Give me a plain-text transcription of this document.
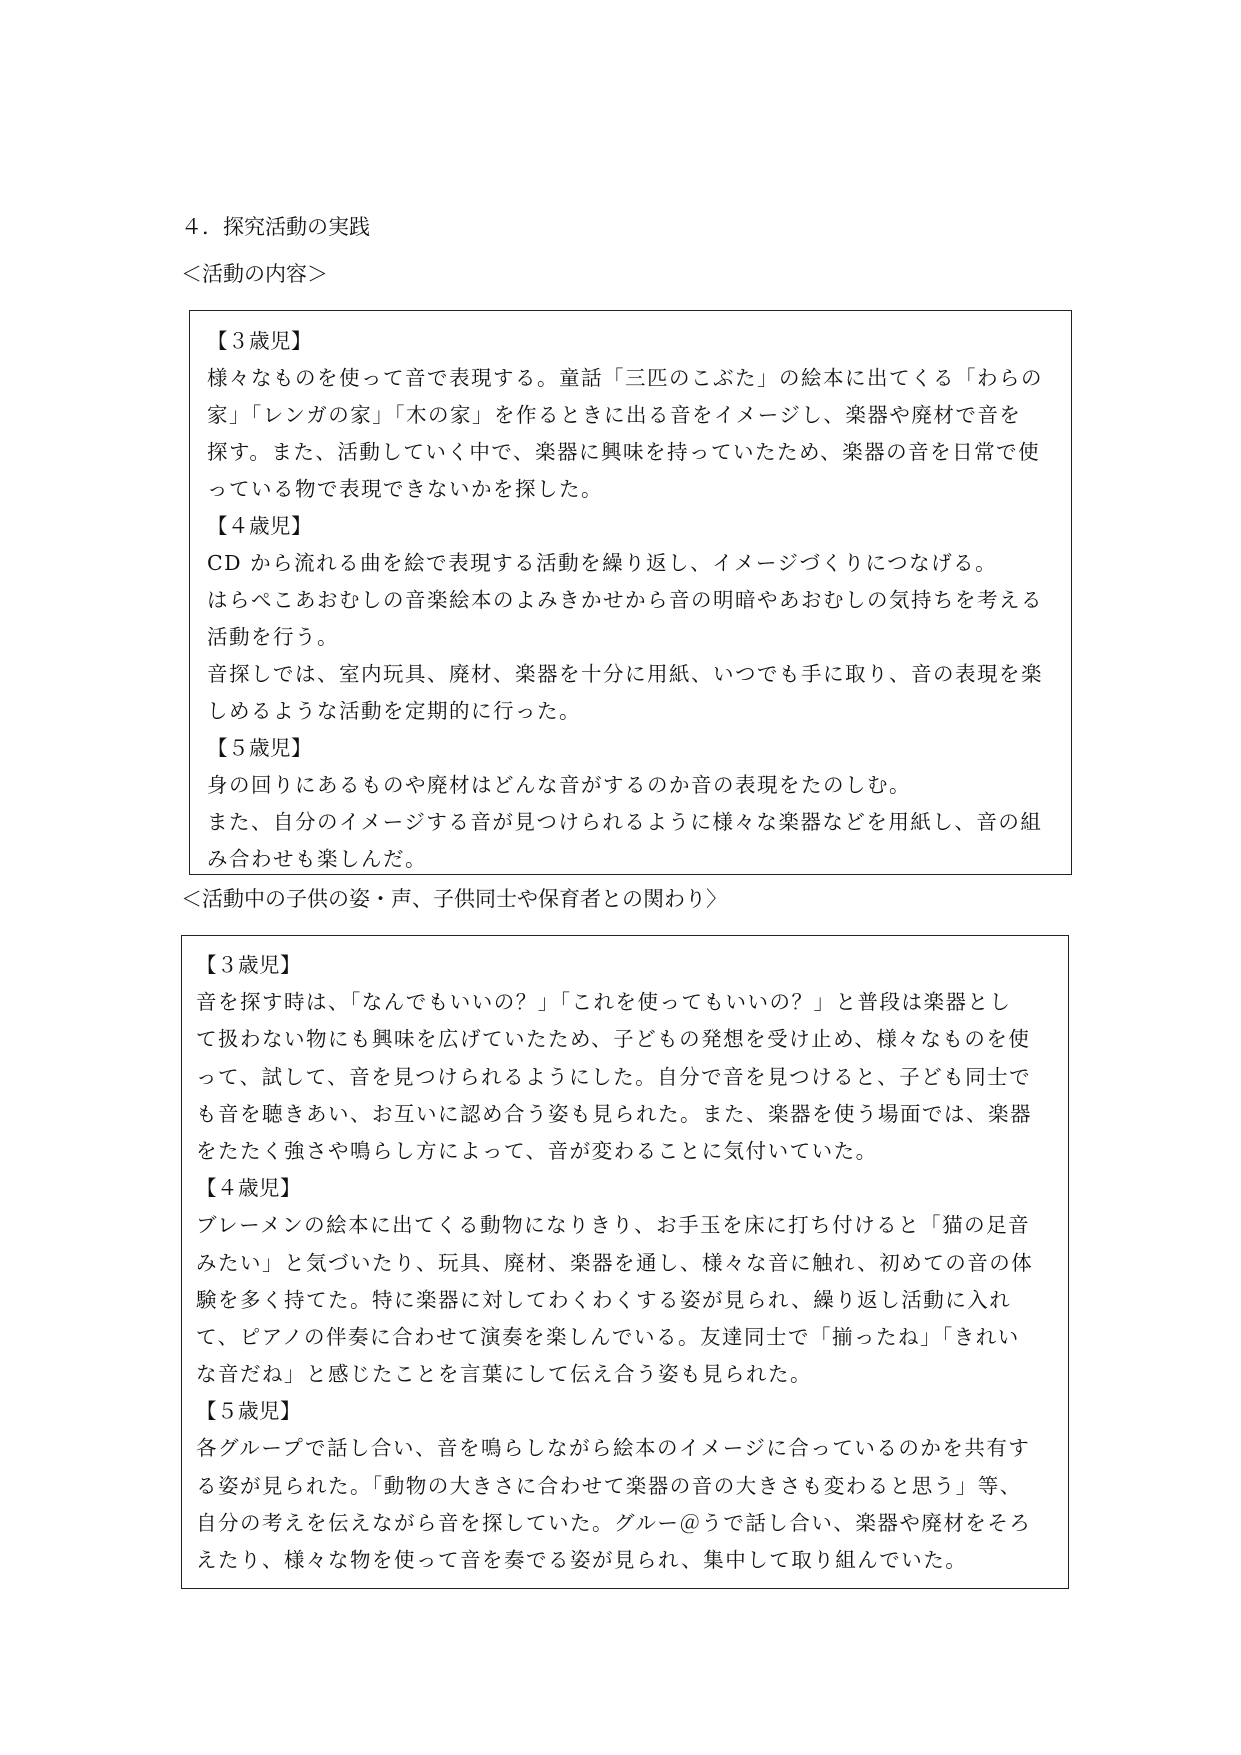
４．探究活動の実践
＜活動の内容＞
【３歳児】
様々なものを使って音で表現する。童話「三匹のこぶた」の絵本に出てくる「わらの
家」「レンガの家」「木の家」を作るときに出る音をイメージし、楽器や廃材で音を
探す。また、活動していく中で、楽器に興味を持っていたため、楽器の音を日常で使
っている物で表現できないかを探した。
【４歳児】
CD から流れる曲を絵で表現する活動を繰り返し、イメージづくりにつなげる。
はらぺこあおむしの音楽絵本のよみきかせから音の明暗やあおむしの気持ちを考える
活動を行う。
音探しでは、室内玩具、廃材、楽器を十分に用紙、いつでも手に取り、音の表現を楽
しめるような活動を定期的に行った。
【５歳児】
身の回りにあるものや廃材はどんな音がするのか音の表現をたのしむ。
また、自分のイメージする音が見つけられるように様々な楽器などを用紙し、音の組
み合わせも楽しんだ。
＜活動中の子供の姿・声、子供同士や保育者との関わり〉
【３歳児】
音を探す時は、「なんでもいいの？」「これを使ってもいいの？」と普段は楽器とし
て扱わない物にも興味を広げていたため、子どもの発想を受け止め、様々なものを使
って、試して、音を見つけられるようにした。自分で音を見つけると、子ども同士で
も音を聴きあい、お互いに認め合う姿も見られた。また、楽器を使う場面では、楽器
をたたく強さや鳴らし方によって、音が変わることに気付いていた。
【４歳児】
ブレーメンの絵本に出てくる動物になりきり、お手玉を床に打ち付けると「猫の足音
みたい」と気づいたり、玩具、廃材、楽器を通し、様々な音に触れ、初めての音の体
験を多く持てた。特に楽器に対してわくわくする姿が見られ、繰り返し活動に入れ
て、ピアノの伴奏に合わせて演奏を楽しんでいる。友達同士で「揃ったね」「きれい
な音だね」と感じたことを言葉にして伝え合う姿も見られた。
【５歳児】
各グループで話し合い、音を鳴らしながら絵本のイメージに合っているのかを共有す
る姿が見られた。「動物の大きさに合わせて楽器の音の大きさも変わると思う」等、
自分の考えを伝えながら音を探していた。グルー＠うで話し合い、楽器や廃材をそろ
えたり、様々な物を使って音を奏でる姿が見られ、集中して取り組んでいた。
